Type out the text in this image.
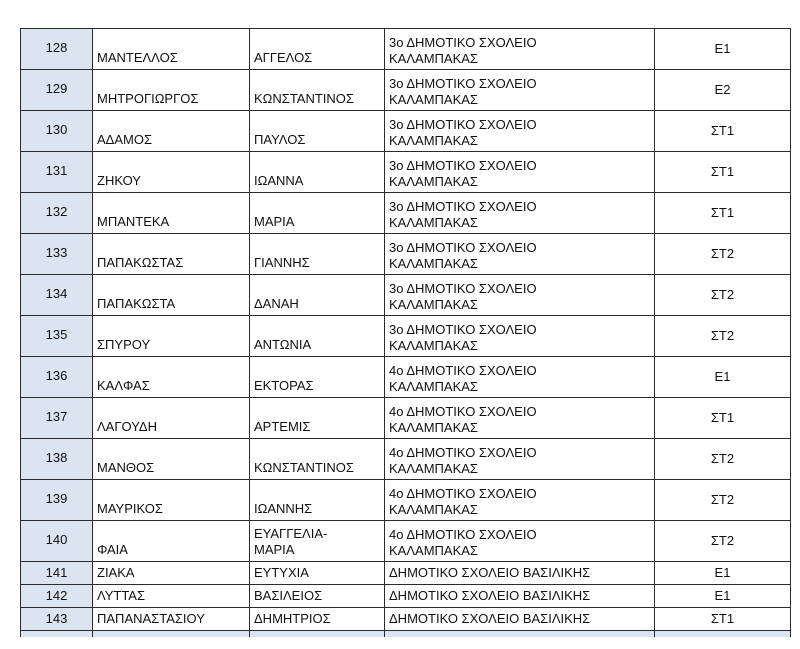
128	ΜΑΝΤΕΛΛΟΣ	ΑΓΓΕΛΟΣ	3ο ΔΗΜΟΤΙΚΟ ΣΧΟΛΕΙΟ
ΚΑΛΑΜΠΑΚΑΣ	Ε1
129	ΜΗΤΡΟΓΙΩΡΓΟΣ	ΚΩΝΣΤΑΝΤΙΝΟΣ	3ο ΔΗΜΟΤΙΚΟ ΣΧΟΛΕΙΟ
ΚΑΛΑΜΠΑΚΑΣ	Ε2
130	ΑΔΑΜΟΣ	ΠΑΥΛΟΣ	3ο ΔΗΜΟΤΙΚΟ ΣΧΟΛΕΙΟ
ΚΑΛΑΜΠΑΚΑΣ	ΣΤ1
131	ΖΗΚΟΥ	ΙΩΑΝΝΑ	3ο ΔΗΜΟΤΙΚΟ ΣΧΟΛΕΙΟ
ΚΑΛΑΜΠΑΚΑΣ	ΣΤ1
132	ΜΠΑΝΤΕΚΑ	ΜΑΡΙΑ	3ο ΔΗΜΟΤΙΚΟ ΣΧΟΛΕΙΟ
ΚΑΛΑΜΠΑΚΑΣ	ΣΤ1
133	ΠΑΠΑΚΩΣΤΑΣ	ΓΙΑΝΝΗΣ	3ο ΔΗΜΟΤΙΚΟ ΣΧΟΛΕΙΟ
ΚΑΛΑΜΠΑΚΑΣ	ΣΤ2
134	ΠΑΠΑΚΩΣΤΑ	ΔΑΝΑΗ	3ο ΔΗΜΟΤΙΚΟ ΣΧΟΛΕΙΟ
ΚΑΛΑΜΠΑΚΑΣ	ΣΤ2
135	ΣΠΥΡΟΥ	ΑΝΤΩΝΙΑ	3ο ΔΗΜΟΤΙΚΟ ΣΧΟΛΕΙΟ
ΚΑΛΑΜΠΑΚΑΣ	ΣΤ2
136	ΚΑΛΦΑΣ	ΕΚΤΟΡΑΣ	4ο ΔΗΜΟΤΙΚΟ ΣΧΟΛΕΙΟ
ΚΑΛΑΜΠΑΚΑΣ	Ε1
137	ΛΑΓΟΥΔΗ	ΑΡΤΕΜΙΣ	4ο ΔΗΜΟΤΙΚΟ ΣΧΟΛΕΙΟ
ΚΑΛΑΜΠΑΚΑΣ	ΣΤ1
138	ΜΑΝΘΟΣ	ΚΩΝΣΤΑΝΤΙΝΟΣ	4ο ΔΗΜΟΤΙΚΟ ΣΧΟΛΕΙΟ
ΚΑΛΑΜΠΑΚΑΣ	ΣΤ2
139	ΜΑΥΡΙΚΟΣ	ΙΩΑΝΝΗΣ	4ο ΔΗΜΟΤΙΚΟ ΣΧΟΛΕΙΟ
ΚΑΛΑΜΠΑΚΑΣ	ΣΤ2
140	ΦΑΙΑ	ΕΥΑΓΓΕΛΙΑ-
ΜΑΡΙΑ	4ο ΔΗΜΟΤΙΚΟ ΣΧΟΛΕΙΟ
ΚΑΛΑΜΠΑΚΑΣ	ΣΤ2
141	ΖΙΑΚΑ	ΕΥΤΥΧΙΑ	ΔΗΜΟΤΙΚΟ ΣΧΟΛΕΙΟ ΒΑΣΙΛΙΚΗΣ	Ε1
142	ΛΥΤΤΑΣ	ΒΑΣΙΛΕΙΟΣ	ΔΗΜΟΤΙΚΟ ΣΧΟΛΕΙΟ ΒΑΣΙΛΙΚΗΣ	Ε1
143	ΠΑΠΑΝΑΣΤΑΣΙΟΥ	ΔΗΜΗΤΡΙΟΣ	ΔΗΜΟΤΙΚΟ ΣΧΟΛΕΙΟ ΒΑΣΙΛΙΚΗΣ	ΣΤ1
